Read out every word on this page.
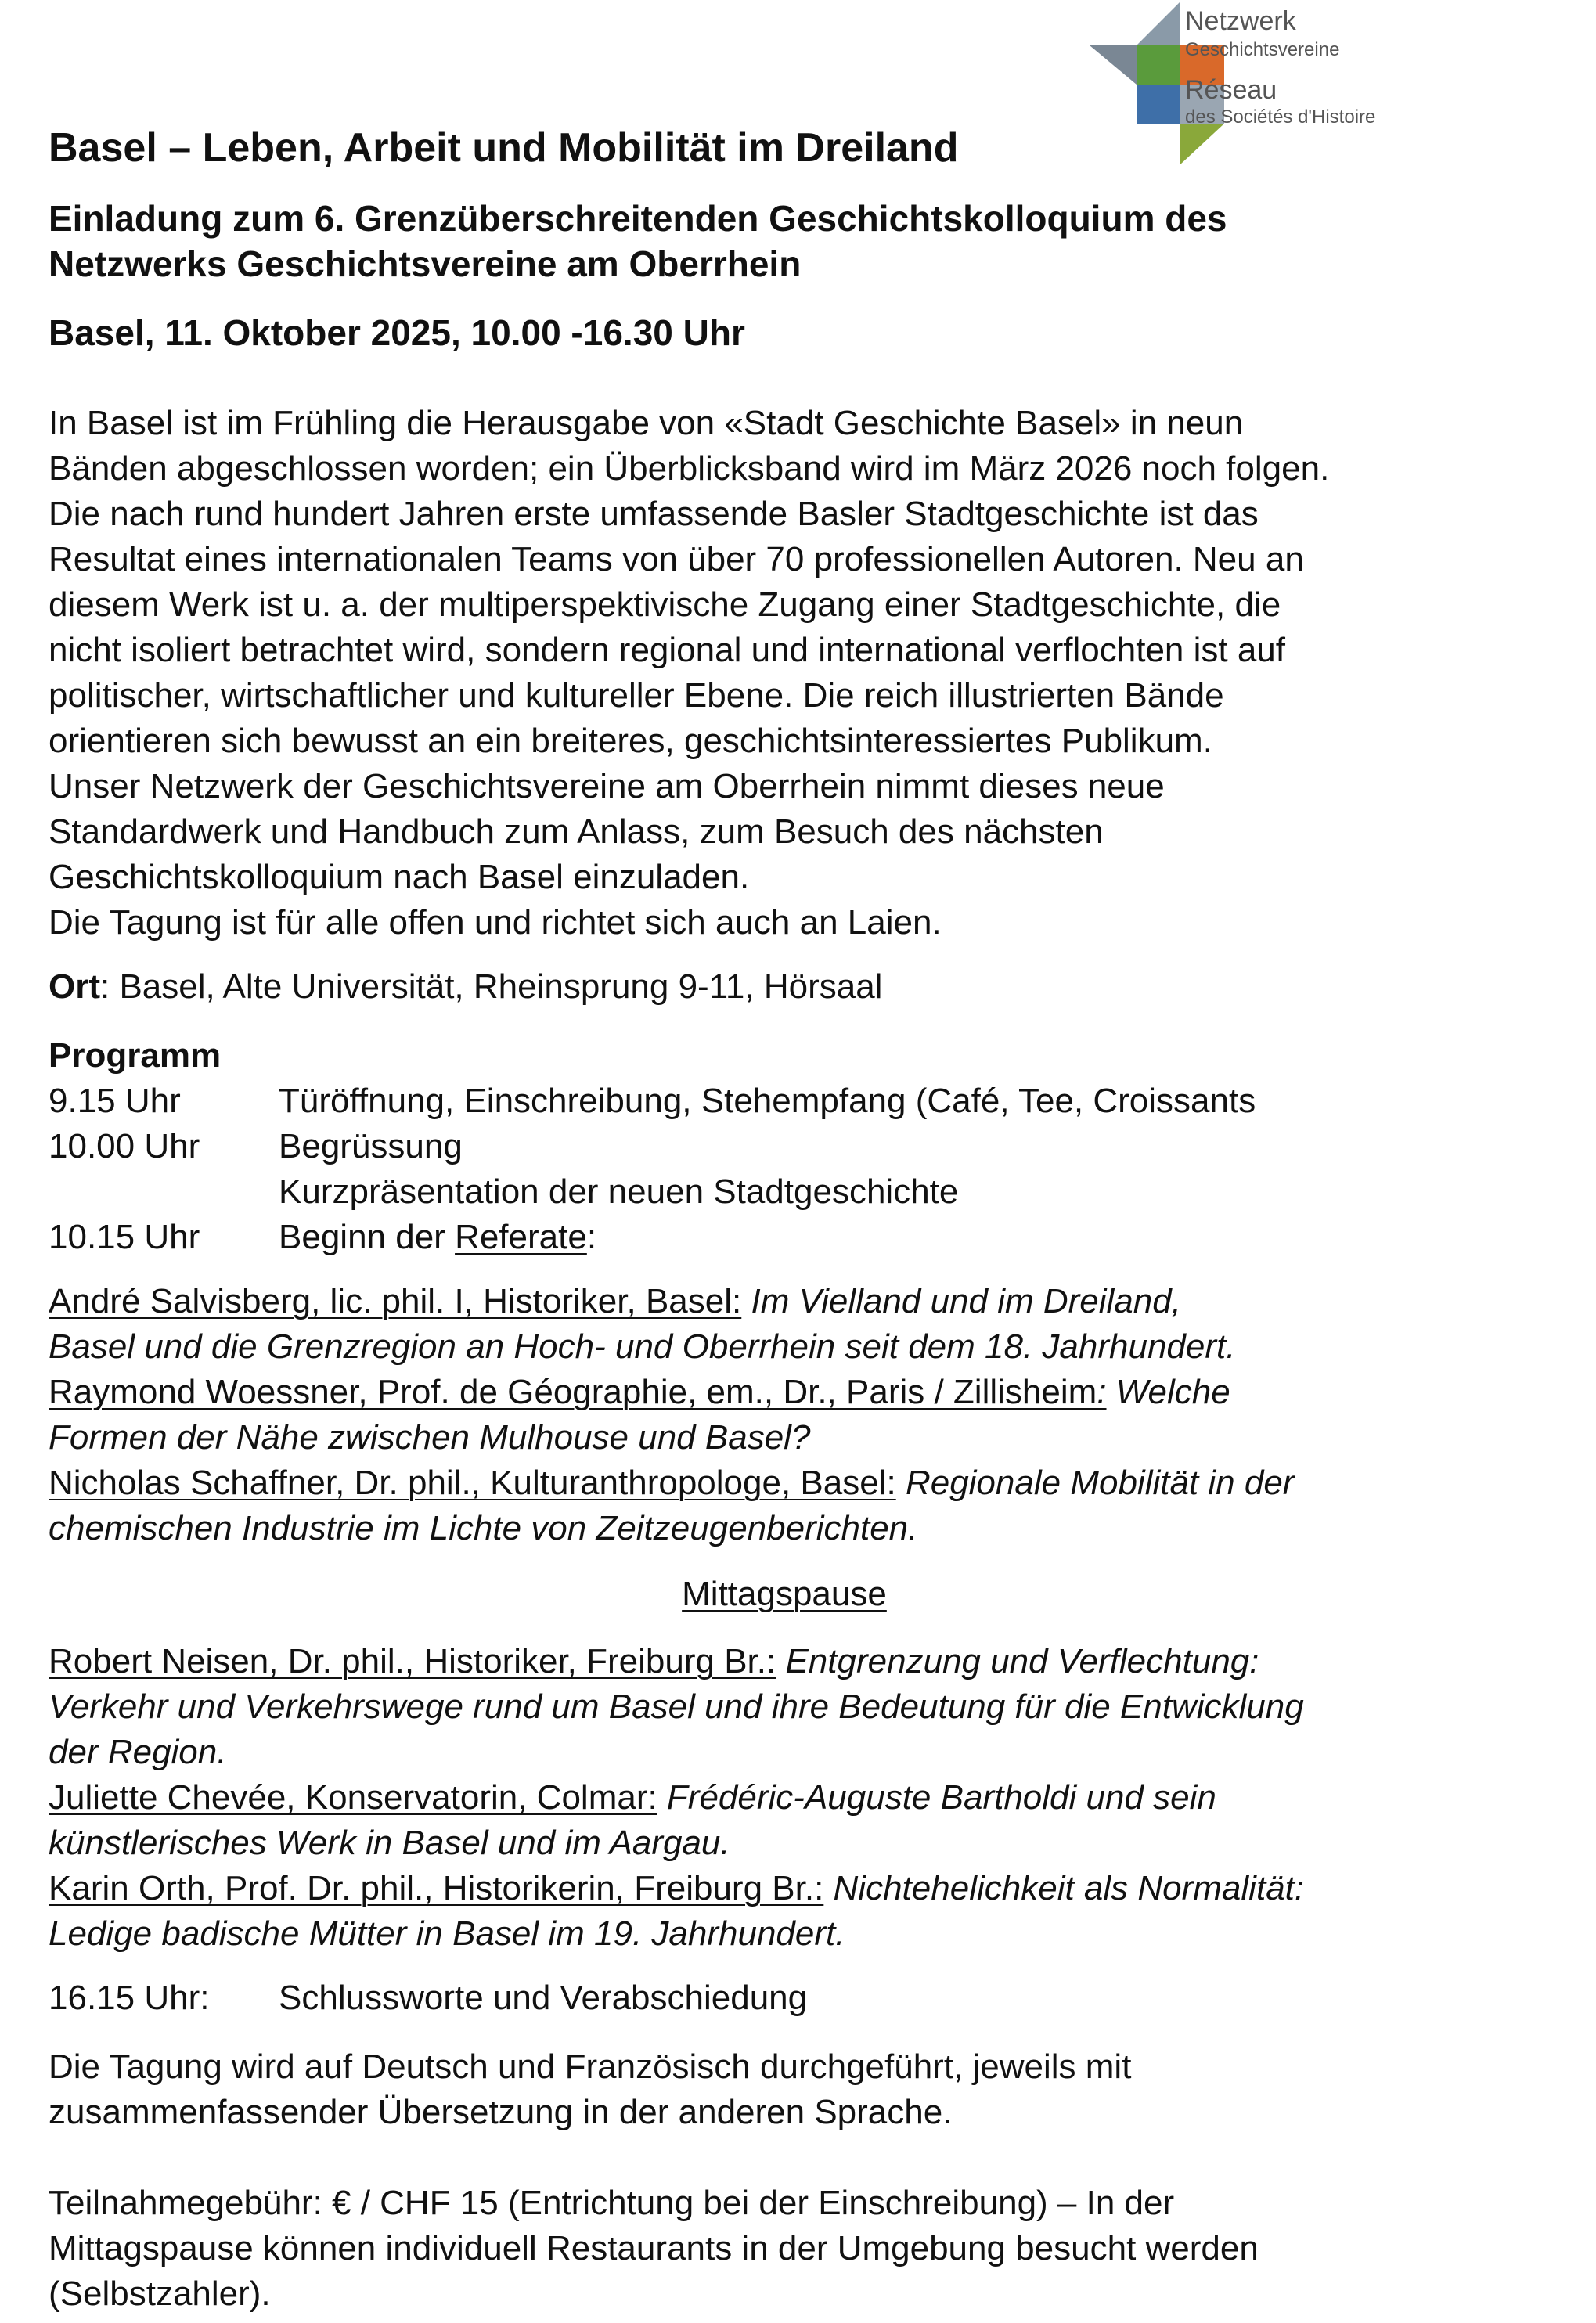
Netzwerk
Geschichtsvereine
Réseau
des Sociétés d'Histoire
Basel – Leben, Arbeit und Mobilität im Dreiland
Einladung zum 6. Grenzüberschreitenden Geschichtskolloquium des
Netzwerks Geschichtsvereine am Oberrhein
Basel, 11. Oktober 2025, 10.00 -16.30 Uhr
In Basel ist im Frühling die Herausgabe von «Stadt Geschichte Basel» in neun
Bänden abgeschlossen worden; ein Überblicksband wird im März 2026 noch folgen.
Die nach rund hundert Jahren erste umfassende Basler Stadtgeschichte ist das
Resultat eines internationalen Teams von über 70 professionellen Autoren. Neu an
diesem Werk ist u. a. der multiperspektivische Zugang einer Stadtgeschichte, die
nicht isoliert betrachtet wird, sondern regional und international verflochten ist auf
politischer, wirtschaftlicher und kultureller Ebene. Die reich illustrierten Bände
orientieren sich bewusst an ein breiteres, geschichtsinteressiertes Publikum.
Unser Netzwerk der Geschichtsvereine am Oberrhein nimmt dieses neue
Standardwerk und Handbuch zum Anlass, zum Besuch des nächsten
Geschichtskolloquium nach Basel einzuladen.
Die Tagung ist für alle offen und richtet sich auch an Laien.
Ort: Basel, Alte Universität, Rheinsprung 9-11, Hörsaal
Programm
9.15 Uhr	Türöffnung, Einschreibung, Stehempfang (Café, Tee, Croissants
10.00 Uhr Begrüssung
Kurzpräsentation der neuen Stadtgeschichte
10.15 Uhr Beginn der Referate:
André Salvisberg, lic. phil. I, Historiker, Basel: Im Vielland und im Dreiland,
Basel und die Grenzregion an Hoch- und Oberrhein seit dem 18. Jahrhundert.
Raymond Woessner, Prof. de Géographie, em., Dr., Paris / Zillisheim: Welche
Formen der Nähe zwischen Mulhouse und Basel?
Nicholas Schaffner, Dr. phil., Kulturanthropologe, Basel: Regionale Mobilität in der
chemischen Industrie im Lichte von Zeitzeugenberichten.
Mittagspause
Robert Neisen, Dr. phil., Historiker, Freiburg Br.: Entgrenzung und Verflechtung:
Verkehr und Verkehrswege rund um Basel und ihre Bedeutung für die Entwicklung
der Region.
Juliette Chevée, Konservatorin, Colmar: Frédéric-Auguste Bartholdi und sein
künstlerisches Werk in Basel und im Aargau.
Karin Orth, Prof. Dr. phil., Historikerin, Freiburg Br.: Nichtehelichkeit als Normalität:
Ledige badische Mütter in Basel im 19. Jahrhundert.
16.15 Uhr: Schlussworte und Verabschiedung
Die Tagung wird auf Deutsch und Französisch durchgeführt, jeweils mit
zusammenfassender Übersetzung in der anderen Sprache.
Teilnahmegebühr: € / CHF 15 (Entrichtung bei der Einschreibung) – In der
Mittagspause können individuell Restaurants in der Umgebung besucht werden
(Selbstzahler).
